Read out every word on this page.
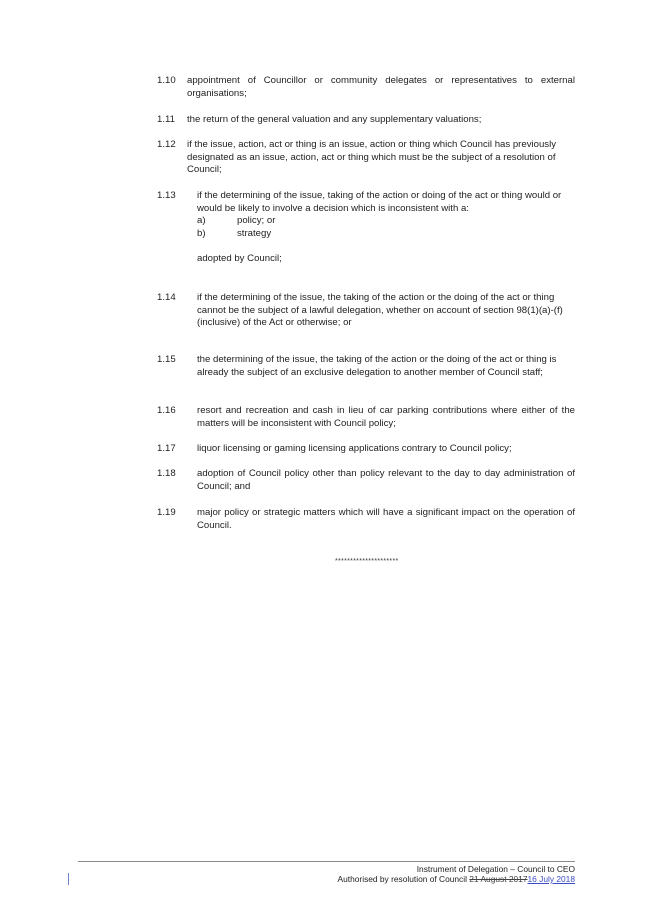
1.10 appointment of Councillor or community delegates or representatives to external organisations;
1.11 the return of the general valuation and any supplementary valuations;
1.12 if the issue, action, act or thing is an issue, action or thing which Council has previously designated as an issue, action, act or thing which must be the subject of a resolution of Council;
1.13 if the determining of the issue, taking of the action or doing of the act or thing would or would be likely to involve a decision which is inconsistent with a:
a)	policy; or
b)	strategy
adopted by Council;
1.14 if the determining of the issue, the taking of the action or the doing of the act or thing cannot be the subject of a lawful delegation, whether on account of section 98(1)(a)-(f) (inclusive) of the Act or otherwise; or
1.15 the determining of the issue, the taking of the action or the doing of the act or thing is already the subject of an exclusive delegation to another member of Council staff;
1.16 resort and recreation and cash in lieu of car parking contributions where either of the matters will be inconsistent with Council policy;
1.17 liquor licensing or gaming licensing applications contrary to Council policy;
1.18 adoption of Council policy other than policy relevant to the day to day administration of Council; and
1.19 major policy or strategic matters which will have a significant impact on the operation of Council.
*********************
Instrument of Delegation – Council to CEO
Authorised by resolution of Council 21 August 201716 July 2018
